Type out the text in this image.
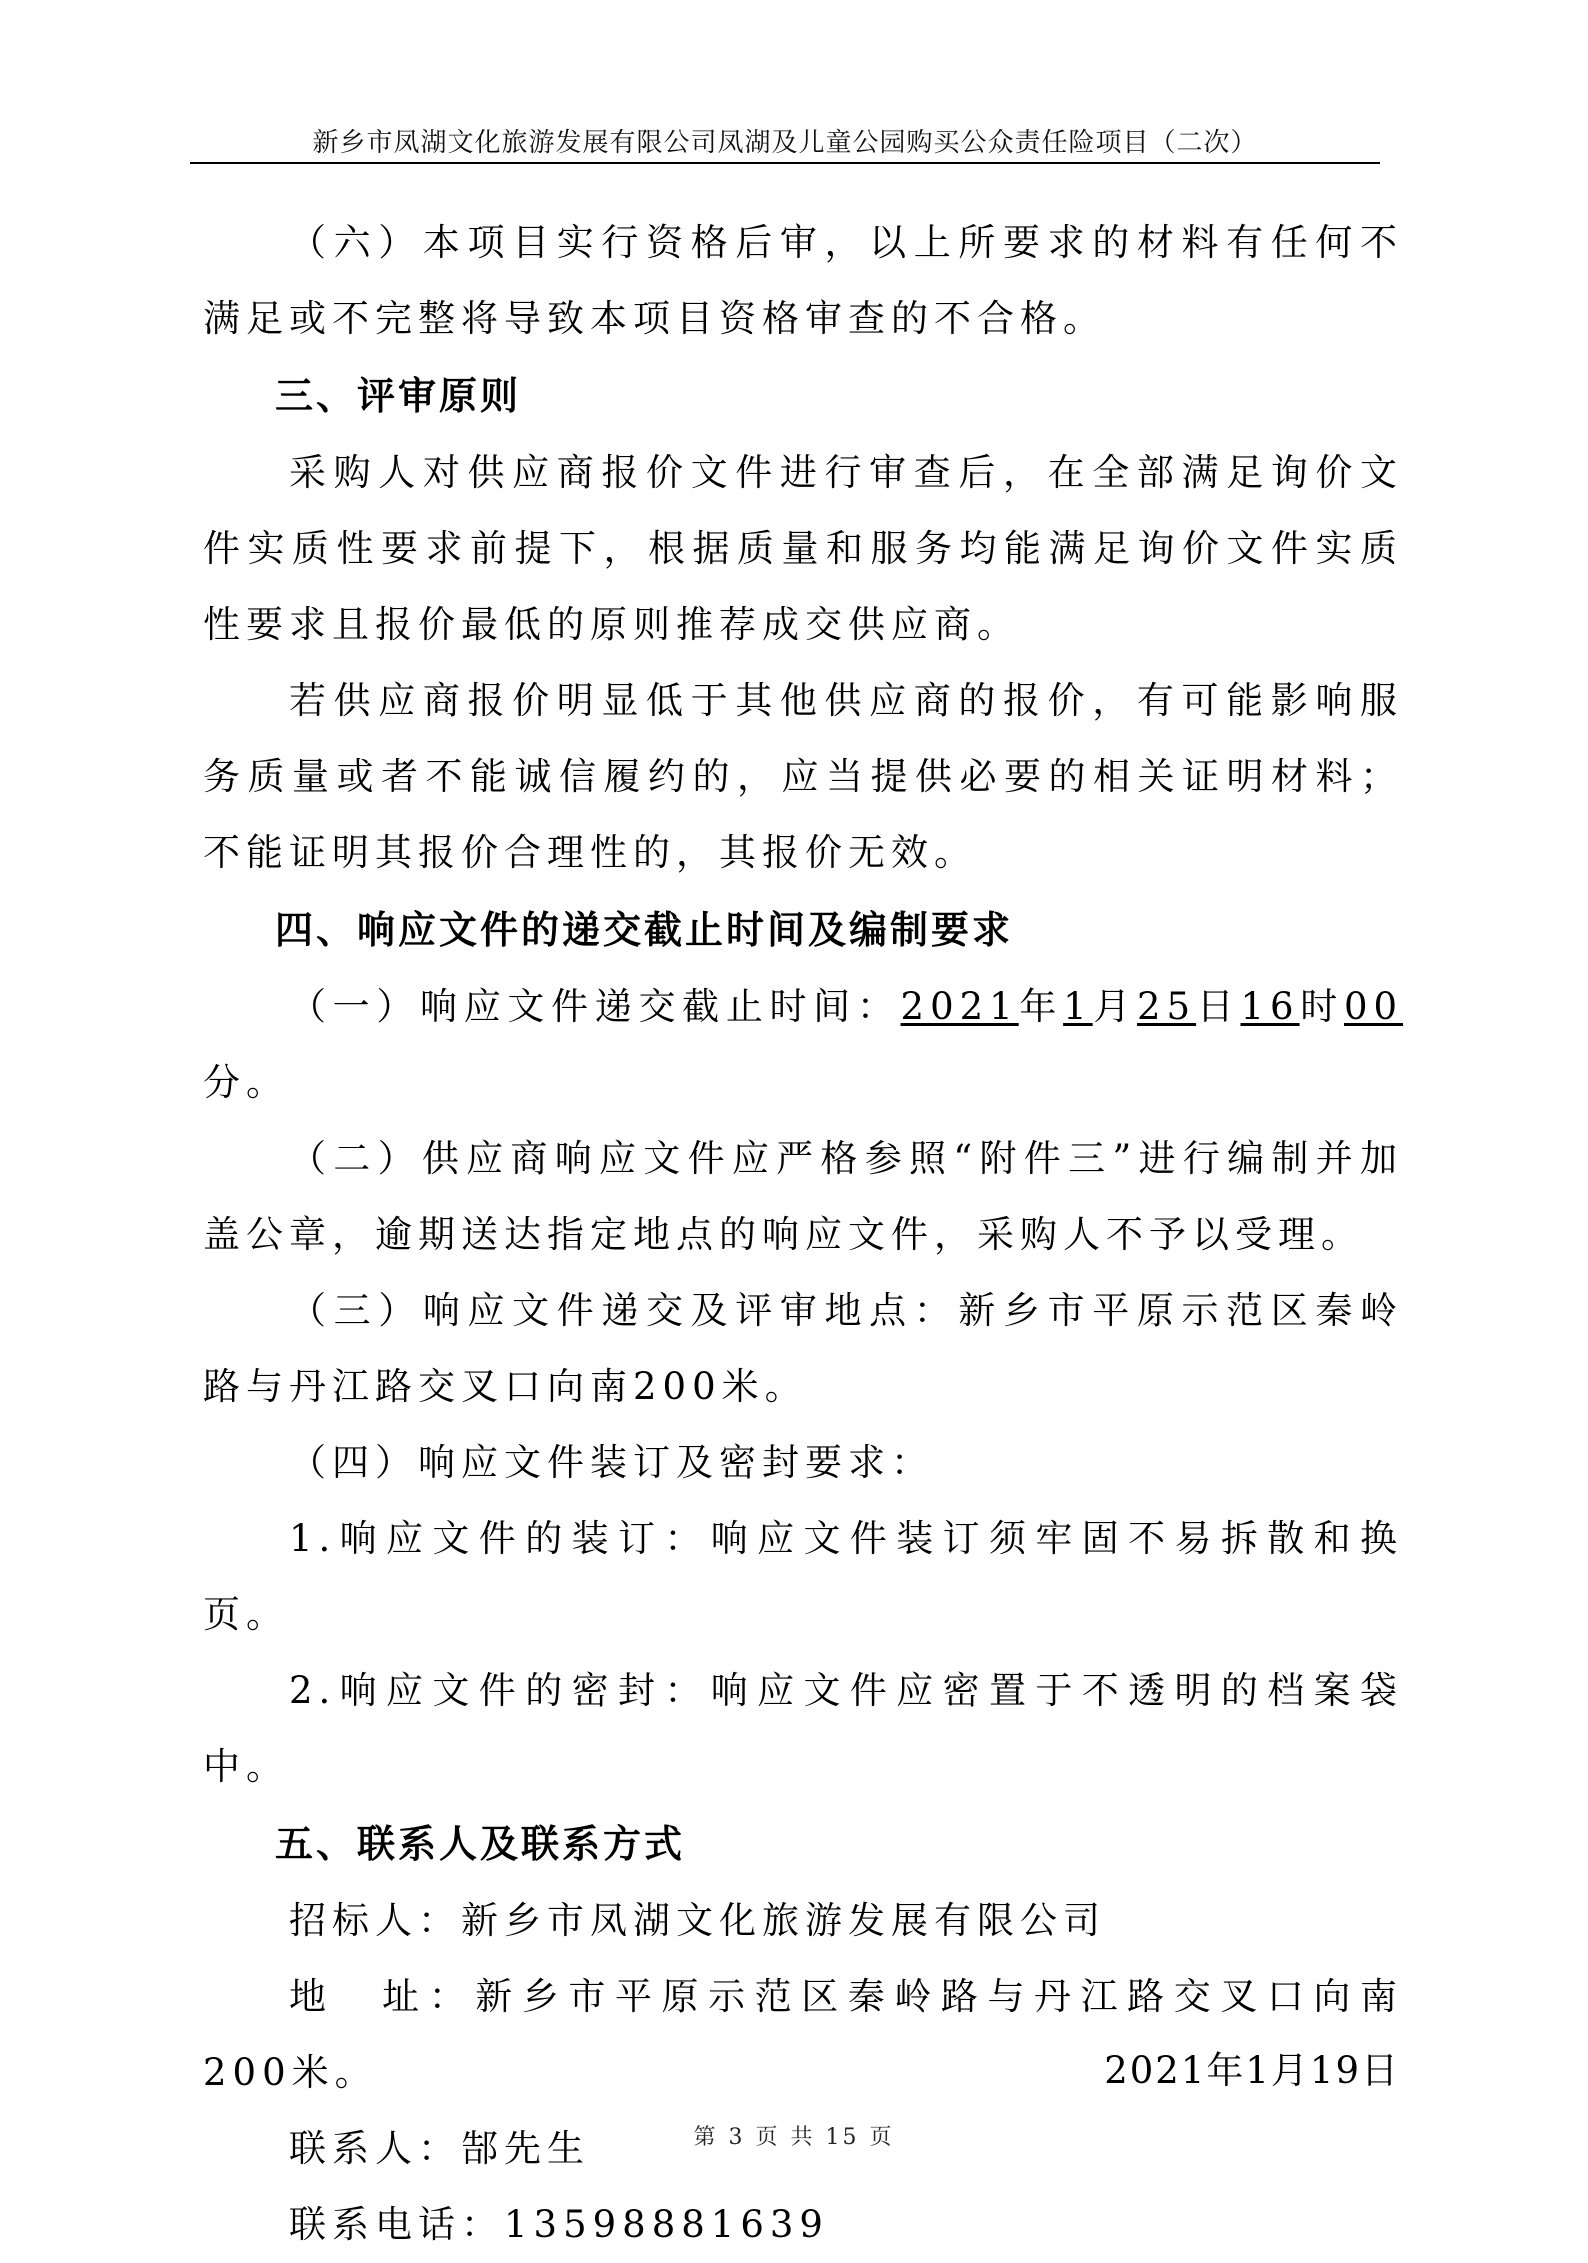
新乡市凤湖文化旅游发展有限公司凤湖及儿童公园购买公众责任险项目（二次）

（六）本项目实行资格后审，以上所要求的材料有任何不满足或不完整将导致本项目资格审查的不合格。

三、评审原则

采购人对供应商报价文件进行审查后，在全部满足询价文件实质性要求前提下，根据质量和服务均能满足询价文件实质性要求且报价最低的原则推荐成交供应商。

若供应商报价明显低于其他供应商的报价，有可能影响服务质量或者不能诚信履约的，应当提供必要的相关证明材料；不能证明其报价合理性的，其报价无效。

四、响应文件的递交截止时间及编制要求

（一）响应文件递交截止时间：2021年1月25日16时00分。

（二）供应商响应文件应严格参照“附件三”进行编制并加盖公章，逾期送达指定地点的响应文件，采购人不予以受理。

（三）响应文件递交及评审地点：新乡市平原示范区秦岭路与丹江路交叉口向南200米。

（四）响应文件装订及密封要求：

1.响应文件的装订：响应文件装订须牢固不易拆散和换页。

2.响应文件的密封：响应文件应密置于不透明的档案袋中。

五、联系人及联系方式

招标人：新乡市凤湖文化旅游发展有限公司

地　址：新乡市平原示范区秦岭路与丹江路交叉口向南200米。

联系人：郜先生

联系电话：13598881639

2021年1月19日

第 3 页 共 15 页
